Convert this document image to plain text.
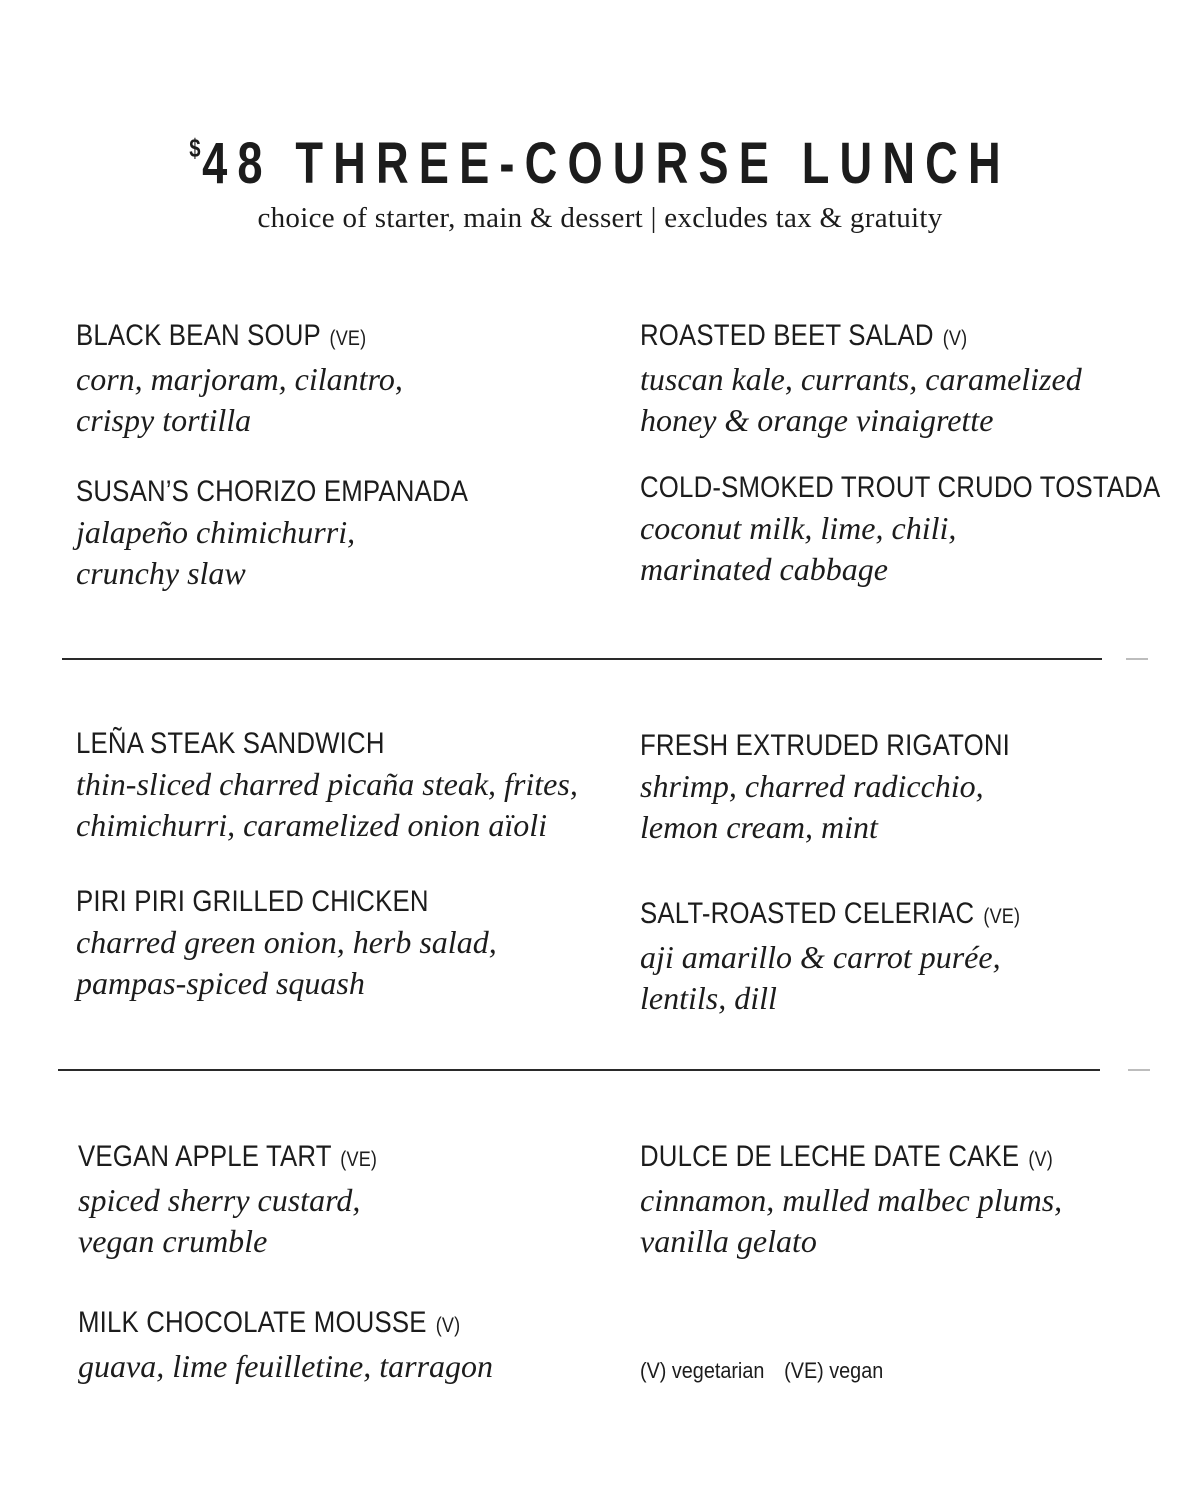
$48 THREE-COURSE LUNCH
choice of starter, main & dessert | excludes tax & gratuity
BLACK BEAN SOUP (VE)
corn, marjoram, cilantro,
crispy tortilla
ROASTED BEET SALAD (V)
tuscan kale, currants, caramelized
honey & orange vinaigrette
SUSAN’S CHORIZO EMPANADA
jalapeño chimichurri,
crunchy slaw
COLD-SMOKED TROUT CRUDO TOSTADA
coconut milk, lime, chili,
marinated cabbage
LEÑA STEAK SANDWICH
thin-sliced charred picaña steak, frites,
chimichurri, caramelized onion aïoli
FRESH EXTRUDED RIGATONI
shrimp, charred radicchio,
lemon cream, mint
PIRI PIRI GRILLED CHICKEN
charred green onion, herb salad,
pampas-spiced squash
SALT-ROASTED CELERIAC (VE)
aji amarillo & carrot purée,
lentils, dill
VEGAN APPLE TART (VE)
spiced sherry custard,
vegan crumble
DULCE DE LECHE DATE CAKE (V)
cinnamon, mulled malbec plums,
vanilla gelato
MILK CHOCOLATE MOUSSE (V)
guava, lime feuilletine, tarragon	(V) vegetarian (VE) vegan
